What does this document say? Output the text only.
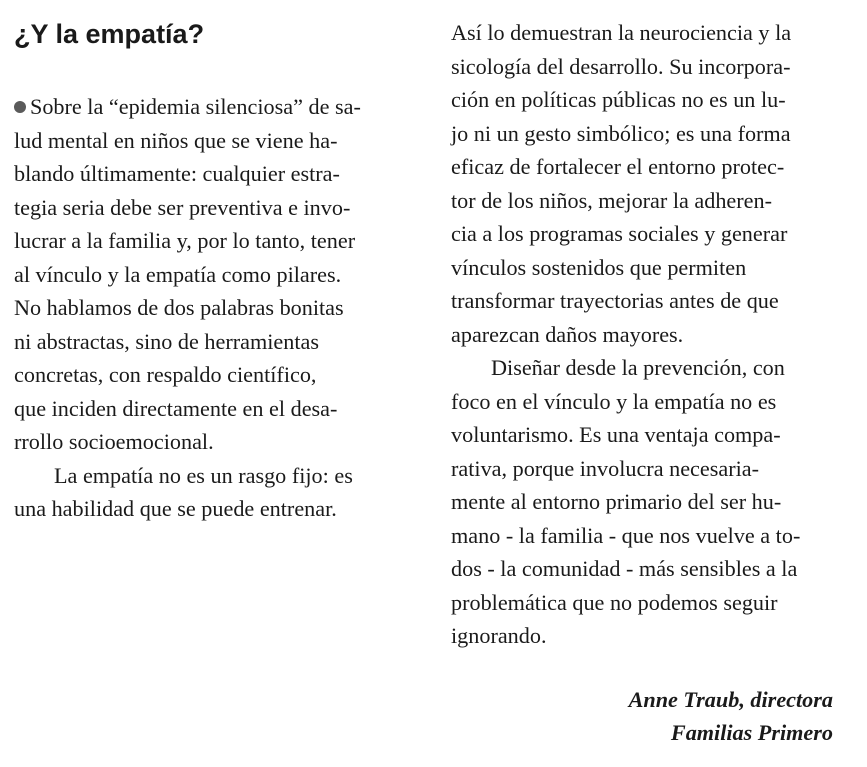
¿Y la empatía?
Sobre la “epidemia silenciosa” de sa-
lud mental en niños que se viene ha-
blando últimamente: cualquier estra-
tegia seria debe ser preventiva e invo-
lucrar a la familia y, por lo tanto, tener
al vínculo y la empatía como pilares.
No hablamos de dos palabras bonitas
ni abstractas, sino de herramientas
concretas, con respaldo científico,
que inciden directamente en el desa-
rrollo socioemocional.
La empatía no es un rasgo fijo: es
una habilidad que se puede entrenar.
Así lo demuestran la neurociencia y la
sicología del desarrollo. Su incorpora-
ción en políticas públicas no es un lu-
jo ni un gesto simbólico; es una forma
eficaz de fortalecer el entorno protec-
tor de los niños, mejorar la adheren-
cia a los programas sociales y generar
vínculos sostenidos que permiten
transformar trayectorias antes de que
aparezcan daños mayores.
Diseñar desde la prevención, con
foco en el vínculo y la empatía no es
voluntarismo. Es una ventaja compa-
rativa, porque involucra necesaria-
mente al entorno primario del ser hu-
mano - la familia - que nos vuelve a to-
dos - la comunidad - más sensibles a la
problemática que no podemos seguir
ignorando.
Anne Traub, directora
Familias Primero
